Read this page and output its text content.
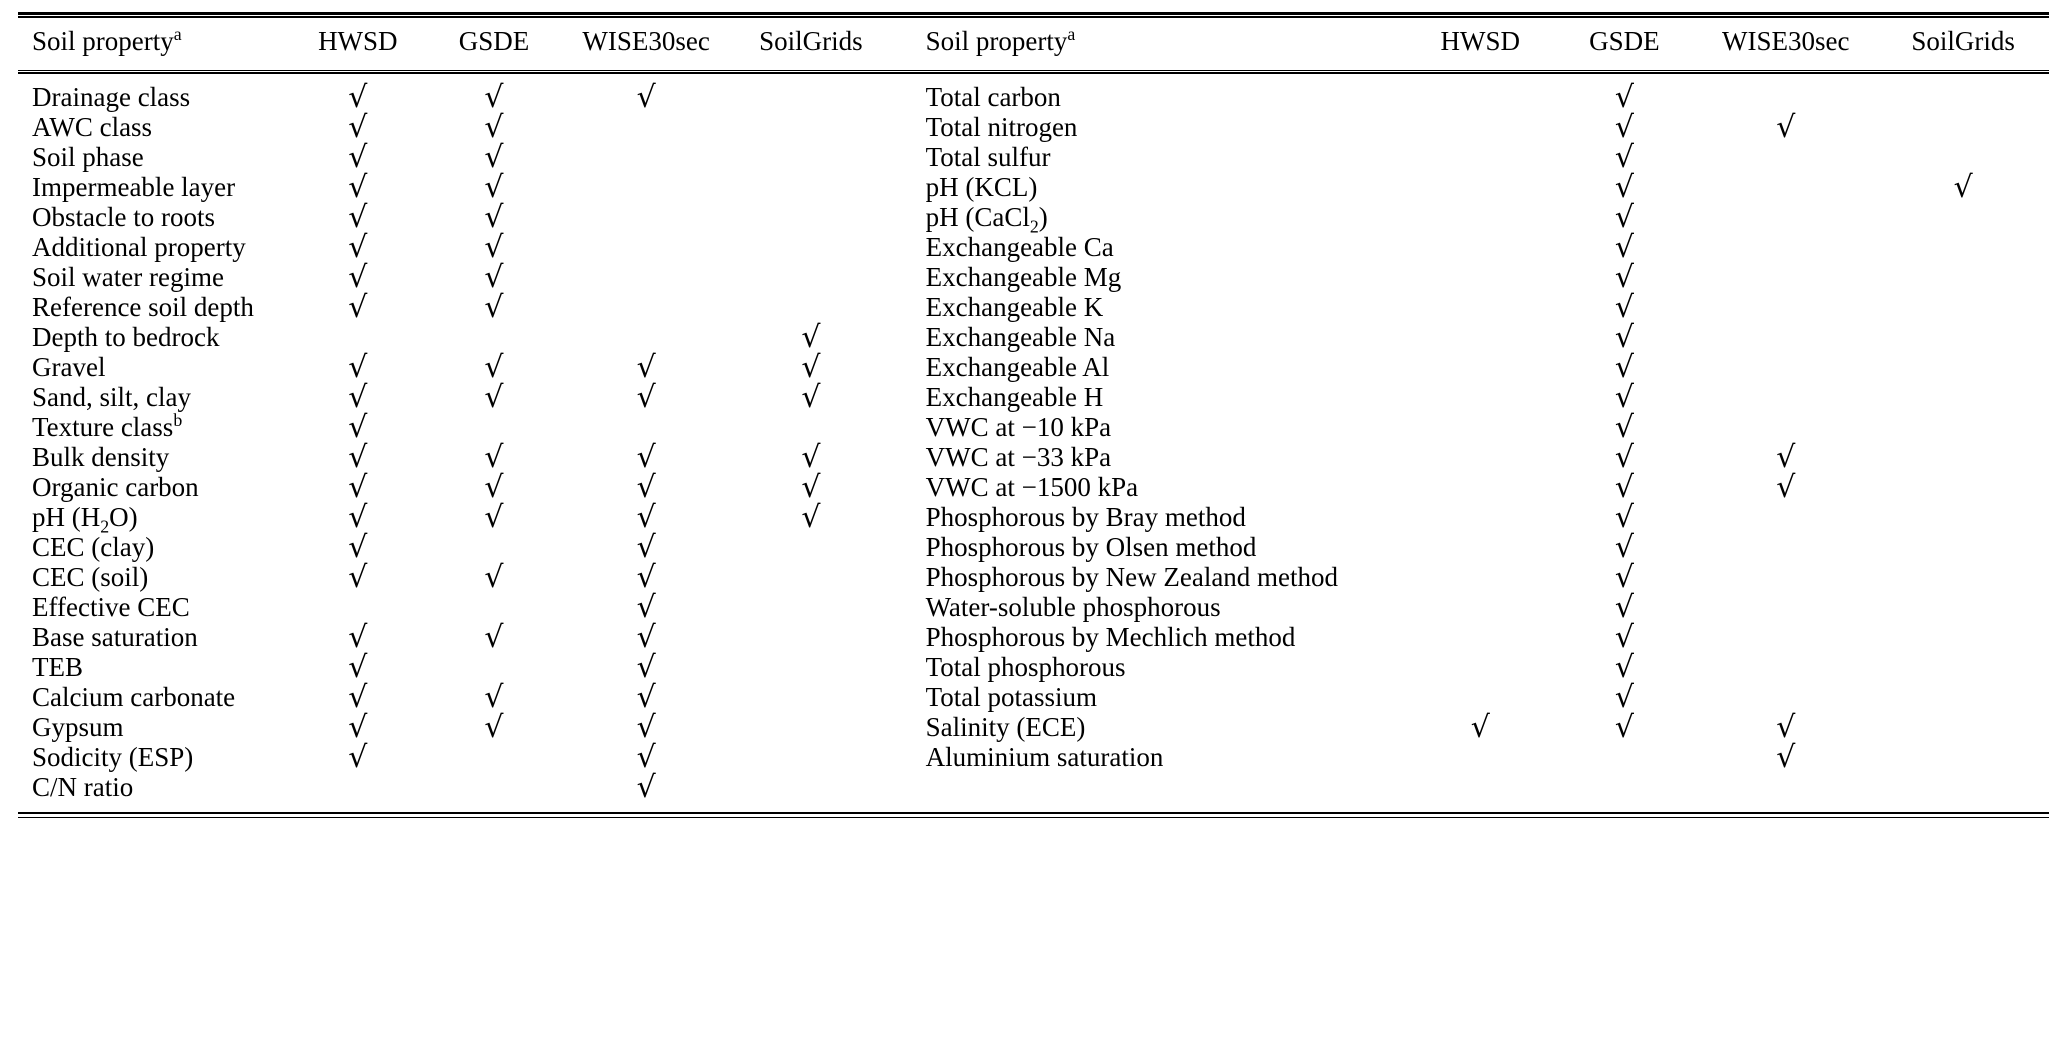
Soil property$^a$	HWSD	GSDE	WISE30sec	SoilGrids		Soil property$^a$	HWSD	GSDE	WISE30sec	SoilGrids
Drainage class	√	√	√			Total carbon		√		
AWC class	√	√				Total nitrogen		√	√	
Soil phase	√	√				Total sulfur		√		
Impermeable layer	√	√				pH (KCL)		√		√
Obstacle to roots	√	√				pH (CaCl$_2$)		√		
Additional property	√	√				Exchangeable Ca		√		
Soil water regime	√	√				Exchangeable Mg		√		
Reference soil depth	√	√				Exchangeable K		√		
Depth to bedrock				√		Exchangeable Na		√		
Gravel	√	√	√	√		Exchangeable Al		√		
Sand, silt, clay	√	√	√	√		Exchangeable H		√		
Texture class$^b$	√					VWC at −10 kPa		√		
Bulk density	√	√	√	√		VWC at −33 kPa		√	√	
Organic carbon	√	√	√	√		VWC at −1500 kPa		√	√	
pH $(H_2O)$	√	√	√	√		Phosphorous by Bray method		√		
CEC (clay)	√		√			Phosphorous by Olsen method		√		
CEC (soil)	√	√	√			Phosphorous by New Zealand method		√		
Effective CEC			√			Water-soluble phosphorous		√		
Base saturation	√	√	√			Phosphorous by Mechlich method		√		
TEB	√		√			Total phosphorous		√		
Calcium carbonate	√	√	√			Total potassium		√		
Gypsum	√	√	√			Salinity (ECE)	√	√	√	
Sodicity (ESP)	√		√			Aluminium saturation			√	
C/N ratio			√							
